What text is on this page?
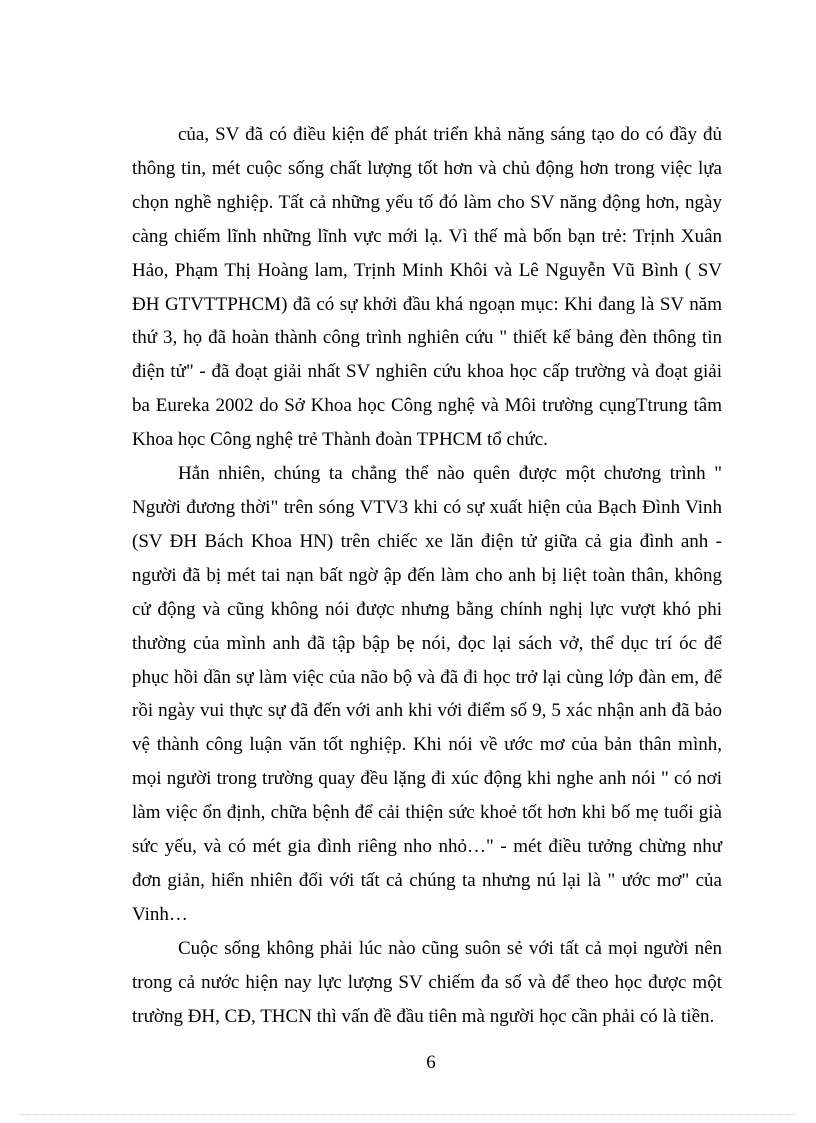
của, SV đã có điều kiện để phát triển khả năng sáng tạo do có đầy đủ thông tin, mét cuộc sống chất lượng tốt hơn và chủ động hơn trong việc lựa chọn nghề nghiệp. Tất cả những yếu tố đó làm cho SV năng động hơn, ngày càng chiếm lĩnh những lĩnh vực mới lạ. Vì thế mà bốn bạn trẻ: Trịnh Xuân Hảo, Phạm Thị Hoàng lam, Trịnh Minh Khôi và Lê Nguyễn Vũ Bình ( SV ĐH GTVTTPHCM) đã có sự khởi đầu khá ngoạn mục: Khi đang là SV năm thứ 3, họ đã hoàn thành công trình nghiên cứu " thiết kế bảng đèn thông tin điện tử" - đã đoạt giải nhất SV nghiên cứu khoa học cấp trường và đoạt giải ba Eureka 2002 do Sở Khoa học Công nghệ và Môi trường cụngTtrung tâm Khoa học Công nghệ trẻ Thành đoàn TPHCM tổ chức.

Hẳn nhiên, chúng ta chẳng thể nào quên được một chương trình " Người đương thời" trên sóng VTV3 khi có sự xuất hiện của Bạch Đình Vinh (SV ĐH Bách Khoa HN) trên chiếc xe lăn điện tử giữa cả gia đình anh - người đã bị mét tai nạn bất ngờ ập đến làm cho anh bị liệt toàn thân, không cử động và cũng không nói được nhưng bằng chính nghị lực vượt khó phi thường của mình anh đã tập bập bẹ nói, đọc lại sách vở, thể dục trí óc để phục hồi dần sự làm việc của não bộ và đã đi học trở lại cùng lớp đàn em, để rồi ngày vui thực sự đã đến với anh khi với điểm số 9, 5 xác nhận anh đã bảo vệ thành công luận văn tốt nghiệp. Khi nói về ước mơ của bản thân mình, mọi người trong trường quay đều lặng đi xúc động khi nghe anh nói " có nơi làm việc ổn định, chữa bệnh để cải thiện sức khoẻ tốt hơn khi bố mẹ tuổi già sức yếu, và có mét gia đình riêng nho nhỏ…" - mét điều tưởng chừng như đơn giản, hiển nhiên đối với tất cả chúng ta nhưng nú lại là " ước mơ" của Vinh…

Cuộc sống không phải lúc nào cũng suôn sẻ với tất cả mọi người nên trong cả nước hiện nay lực lượng SV chiếm đa số và để theo học được một trường ĐH, CĐ, THCN thì vấn đề đầu tiên mà người học cần phải có là tiền.

6
